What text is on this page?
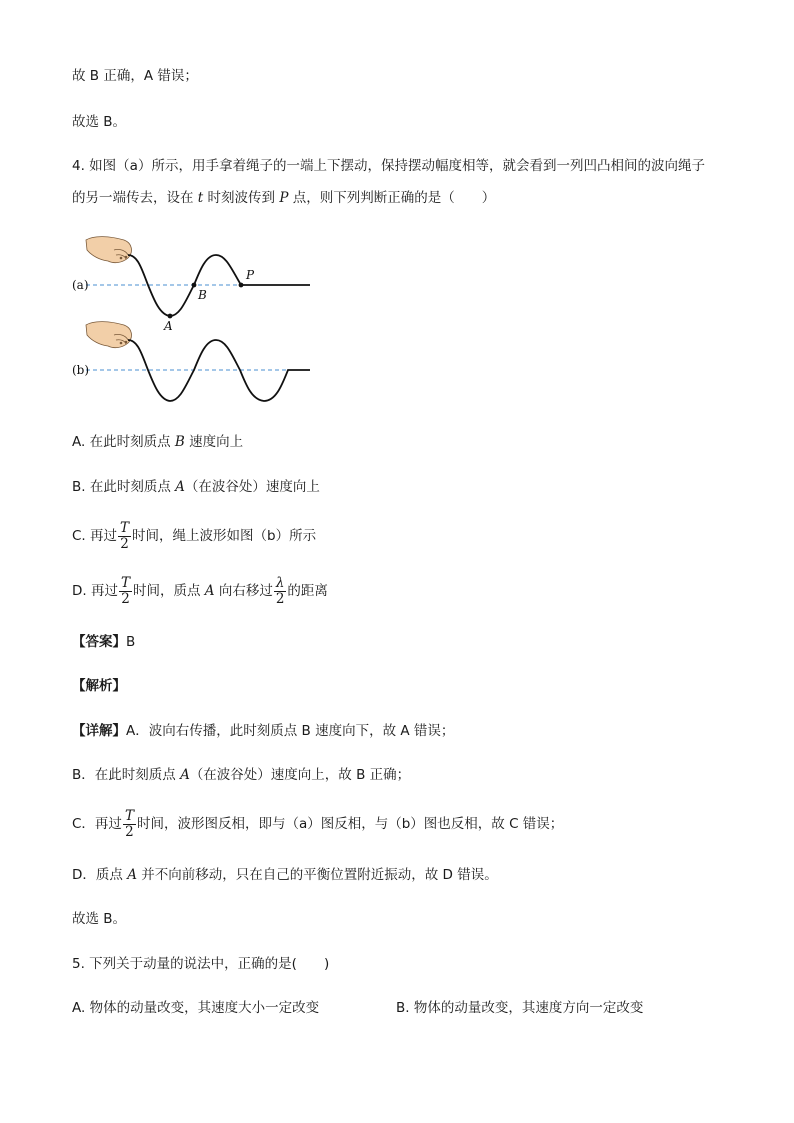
故 B 正确，A 错误；
故选 B。
4. 如图（a）所示，用手拿着绳子的一端上下摆动，保持摆动幅度相等，就会看到一列凹凸相间的波向绳子
的另一端传去，设在 t 时刻波传到 P 点，则下列判断正确的是（　　）
(a)
P
B
A
(b)
A. 在此时刻质点 B 速度向上
B. 在此时刻质点 A（在波谷处）速度向上
C. 再过 $\frac{T}{2}$ 时间，绳上波形如图（b）所示
D. 再过 $\frac{T}{2}$ 时间，质点 A 向右移过 $\frac{\lambda}{2}$ 的距离
【答案】B
【解析】
【详解】A．波向右传播，此时刻质点 B 速度向下，故 A 错误；
B．在此时刻质点 A（在波谷处）速度向上，故 B 正确；
C．再过 $\frac{T}{2}$ 时间，波形图反相，即与（a）图反相，与（b）图也反相，故 C 错误；
D．质点 A 并不向前移动，只在自己的平衡位置附近振动，故 D 错误。
故选 B。
5. 下列关于动量的说法中，正确的是(　　)
A. 物体的动量改变，其速度大小一定改变	B. 物体的动量改变，其速度方向一定改变
